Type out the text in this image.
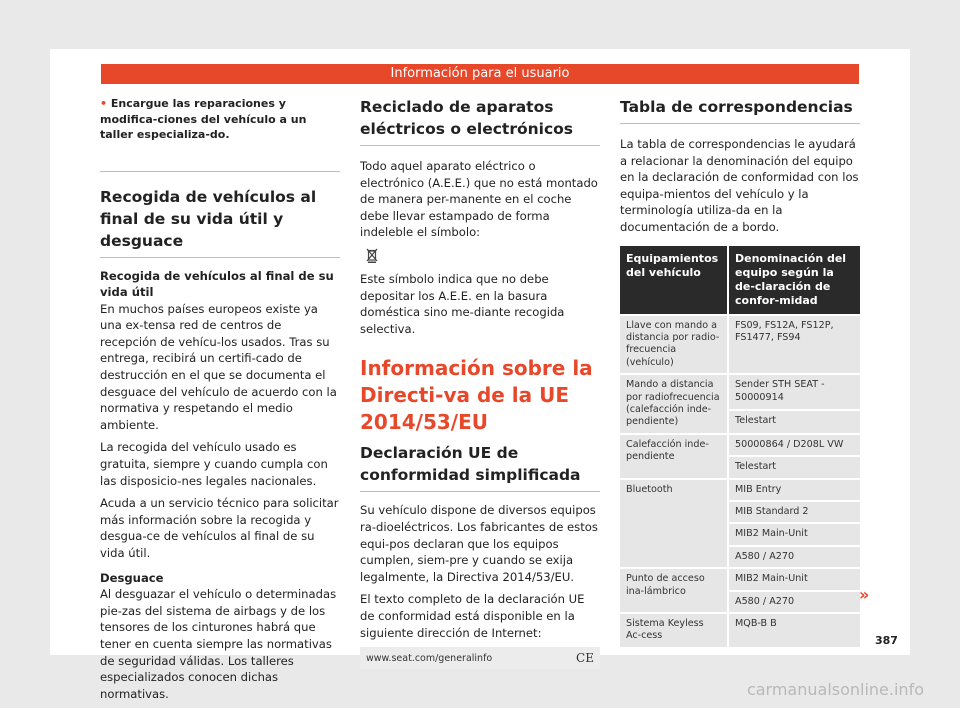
Información para el usuario

• Encargue las reparaciones y modifica-ciones del vehículo a un taller especializa-do.

Recogida de vehículos al final de su vida útil y desguace

Recogida de vehículos al final de su vida útil

En muchos países europeos existe ya una ex-tensa red de centros de recepción de vehícu-los usados. Tras su entrega, recibirá un certifi-cado de destrucción en el que se documenta el desguace del vehículo de acuerdo con la normativa y respetando el medio ambiente.

La recogida del vehículo usado es gratuita, siempre y cuando cumpla con las disposicio-nes legales nacionales.

Acuda a un servicio técnico para solicitar más información sobre la recogida y desgua-ce de vehículos al final de su vida útil.

Desguace

Al desguazar el vehículo o determinadas pie-zas del sistema de airbags y de los tensores de los cinturones habrá que tener en cuenta siempre las normativas de seguridad válidas. Los talleres especializados conocen dichas normativas.

Reciclado de aparatos eléctricos o electrónicos

Todo aquel aparato eléctrico o electrónico (A.E.E.) que no está montado de manera per-manente en el coche debe llevar estampado de forma indeleble el símbolo:

Este símbolo indica que no debe depositar los A.E.E. en la basura doméstica sino me-diante recogida selectiva.

Información sobre la Directi-va de la UE 2014/53/EU

Declaración UE de conformidad simplificada

Su vehículo dispone de diversos equipos ra-dioeléctricos. Los fabricantes de estos equi-pos declaran que los equipos cumplen, siem-pre y cuando se exija legalmente, la Directiva 2014/53/EU.

El texto completo de la declaración UE de conformidad está disponible en la siguiente dirección de Internet:

www.seat.com/generalinfo	CE

Tabla de correspondencias

La tabla de correspondencias le ayudará a relacionar la denominación del equipo en la declaración de conformidad con los equipa-mientos del vehículo y la terminología utiliza-da en la documentación de a bordo.

Equipamientos del vehículo	Denominación del equipo según la de-claración de confor-midad
Llave con mando a distancia por radio-frecuencia (vehículo)	FS09, FS12A, FS12P, FS1477, FS94
Mando a distancia por radiofrecuencia (calefacción inde-pendiente)	Sender STH SEAT - 50000914
	Telestart
Calefacción inde-pendiente	50000864 / D208L VW
	Telestart
Bluetooth	MIB Entry
	MIB Standard 2
	MIB2 Main-Unit
	A580 / A270
Punto de acceso ina-lámbrico	MIB2 Main-Unit
	A580 / A270
Sistema Keyless Ac-cess	MQB-B B
»
387
carmanualsonline.info
